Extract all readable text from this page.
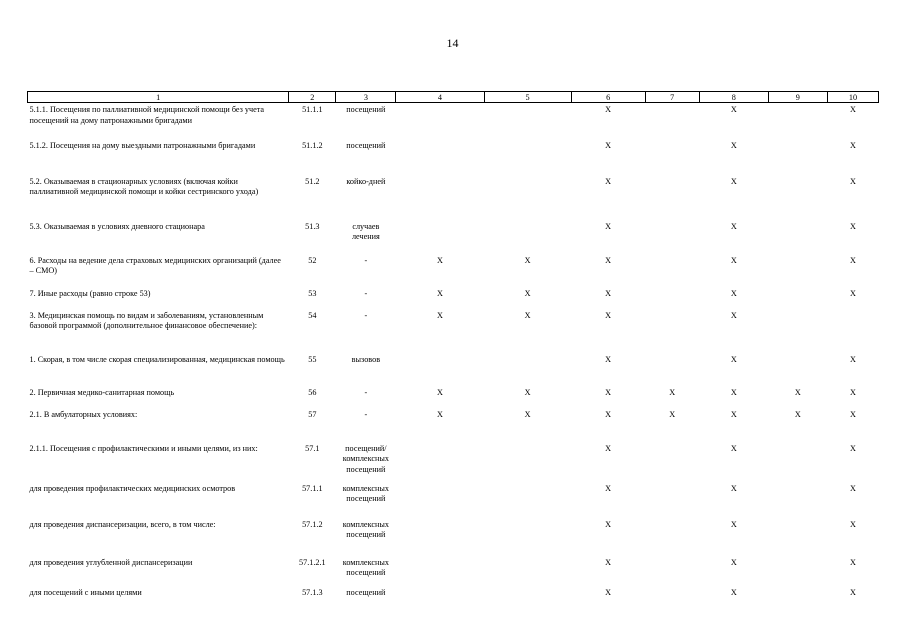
14
1	2	3	4	5	6	7	8	9	10
5.1.1. Посещения по паллиативной медицинской помощи без учета посещений на дому патронажными бригадами	51.1.1	посещений			X		X		X
5.1.2. Посещения на дому выездными патронажными бригадами	51.1.2	посещений			X		X		X
5.2. Оказываемая в стационарных условиях (включая койки паллиативной медицинской помощи и койки сестринского ухода)	51.2	койко-дней			X		X		X
5.3. Оказываемая в условиях дневного стационара	51.3	случаев лечения			X		X		X
6. Расходы на ведение дела страховых медицинских организаций (далее – СМО)	52	-	X	X	X		X		X
7. Иные расходы (равно строке 53)	53	-	X	X	X		X		X
3. Медицинская помощь по видам и заболеваниям, установленным базовой программой (дополнительное финансовое обеспечение):	54	-	X	X	X		X		
1. Скорая, в том числе скорая специализированная, медицинская помощь	55	вызовов			X		X		X
2. Первичная медико-санитарная помощь	56	-	X	X	X	X	X	X	X
2.1. В амбулаторных условиях:	57	-	X	X	X	X	X	X	X
2.1.1. Посещения с профилактическими и иными целями, из них:	57.1	посещений/ комплексных посещений			X		X		X
для проведения профилактических медицинских осмотров	57.1.1	комплексных посещений			X		X		X
для проведения диспансеризации, всего, в том числе:	57.1.2	комплексных посещений			X		X		X
для проведения углубленной диспансеризации	57.1.2.1	комплексных посещений			X		X		X
для посещений с иными целями	57.1.3	посещений			X		X		X
